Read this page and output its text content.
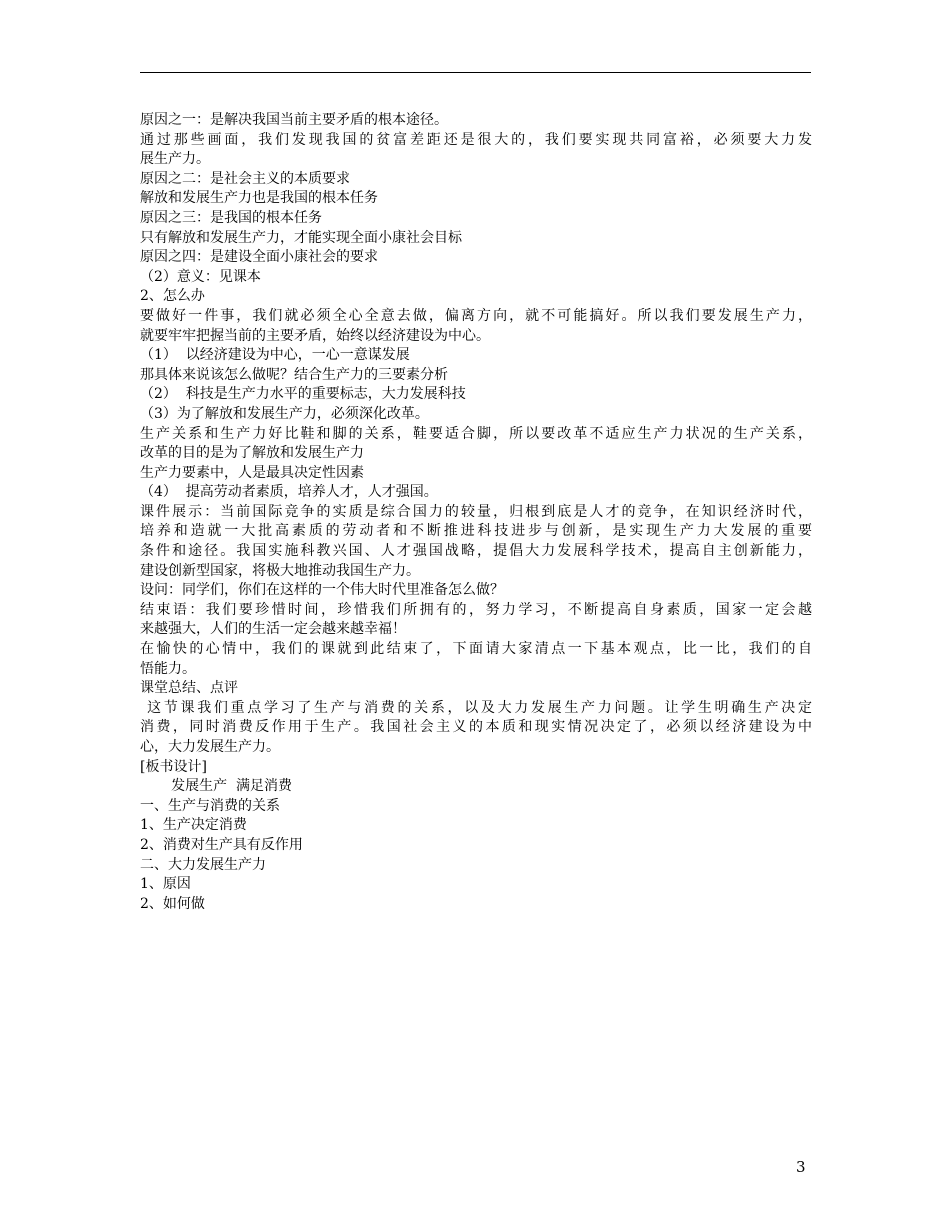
原因之一：是解决我国当前主要矛盾的根本途径。
通过那些画面，我们发现我国的贫富差距还是很大的，我们要实现共同富裕，必须要大力发
展生产力。
原因之二：是社会主义的本质要求
解放和发展生产力也是我国的根本任务
原因之三：是我国的根本任务
只有解放和发展生产力，才能实现全面小康社会目标
原因之四：是建设全面小康社会的要求
（2）意义：见课本
2、怎么办
要做好一件事，我们就必须全心全意去做，偏离方向，就不可能搞好。所以我们要发展生产力，
就要牢牢把握当前的主要矛盾，始终以经济建设为中心。
（1）  以经济建设为中心，一心一意谋发展
那具体来说该怎么做呢？结合生产力的三要素分析
（2）  科技是生产力水平的重要标志，大力发展科技
（3）为了解放和发展生产力，必须深化改革。
生产关系和生产力好比鞋和脚的关系，鞋要适合脚，所以要改革不适应生产力状况的生产关系，
改革的目的是为了解放和发展生产力
生产力要素中，人是最具决定性因素
（4）  提高劳动者素质，培养人才，人才强国。
课件展示：当前国际竞争的实质是综合国力的较量，归根到底是人才的竞争，在知识经济时代，
培养和造就一大批高素质的劳动者和不断推进科技进步与创新，是实现生产力大发展的重要
条件和途径。我国实施科教兴国、人才强国战略，提倡大力发展科学技术，提高自主创新能力，
建设创新型国家，将极大地推动我国生产力。
设问：同学们，你们在这样的一个伟大时代里准备怎么做？
结束语：我们要珍惜时间，珍惜我们所拥有的，努力学习，不断提高自身素质，国家一定会越
来越强大，人们的生活一定会越来越幸福！
在愉快的心情中，我们的课就到此结束了，下面请大家清点一下基本观点，比一比，我们的自
悟能力。
课堂总结、点评
这节课我们重点学习了生产与消费的关系，以及大力发展生产力问题。让学生明确生产决定
消费，同时消费反作用于生产。我国社会主义的本质和现实情况决定了，必须以经济建设为中
心，大力发展生产力。
[板书设计]
发展生产  满足消费
一、生产与消费的关系
1、生产决定消费
2、消费对生产具有反作用
二、大力发展生产力
1、原因
2、如何做
3
